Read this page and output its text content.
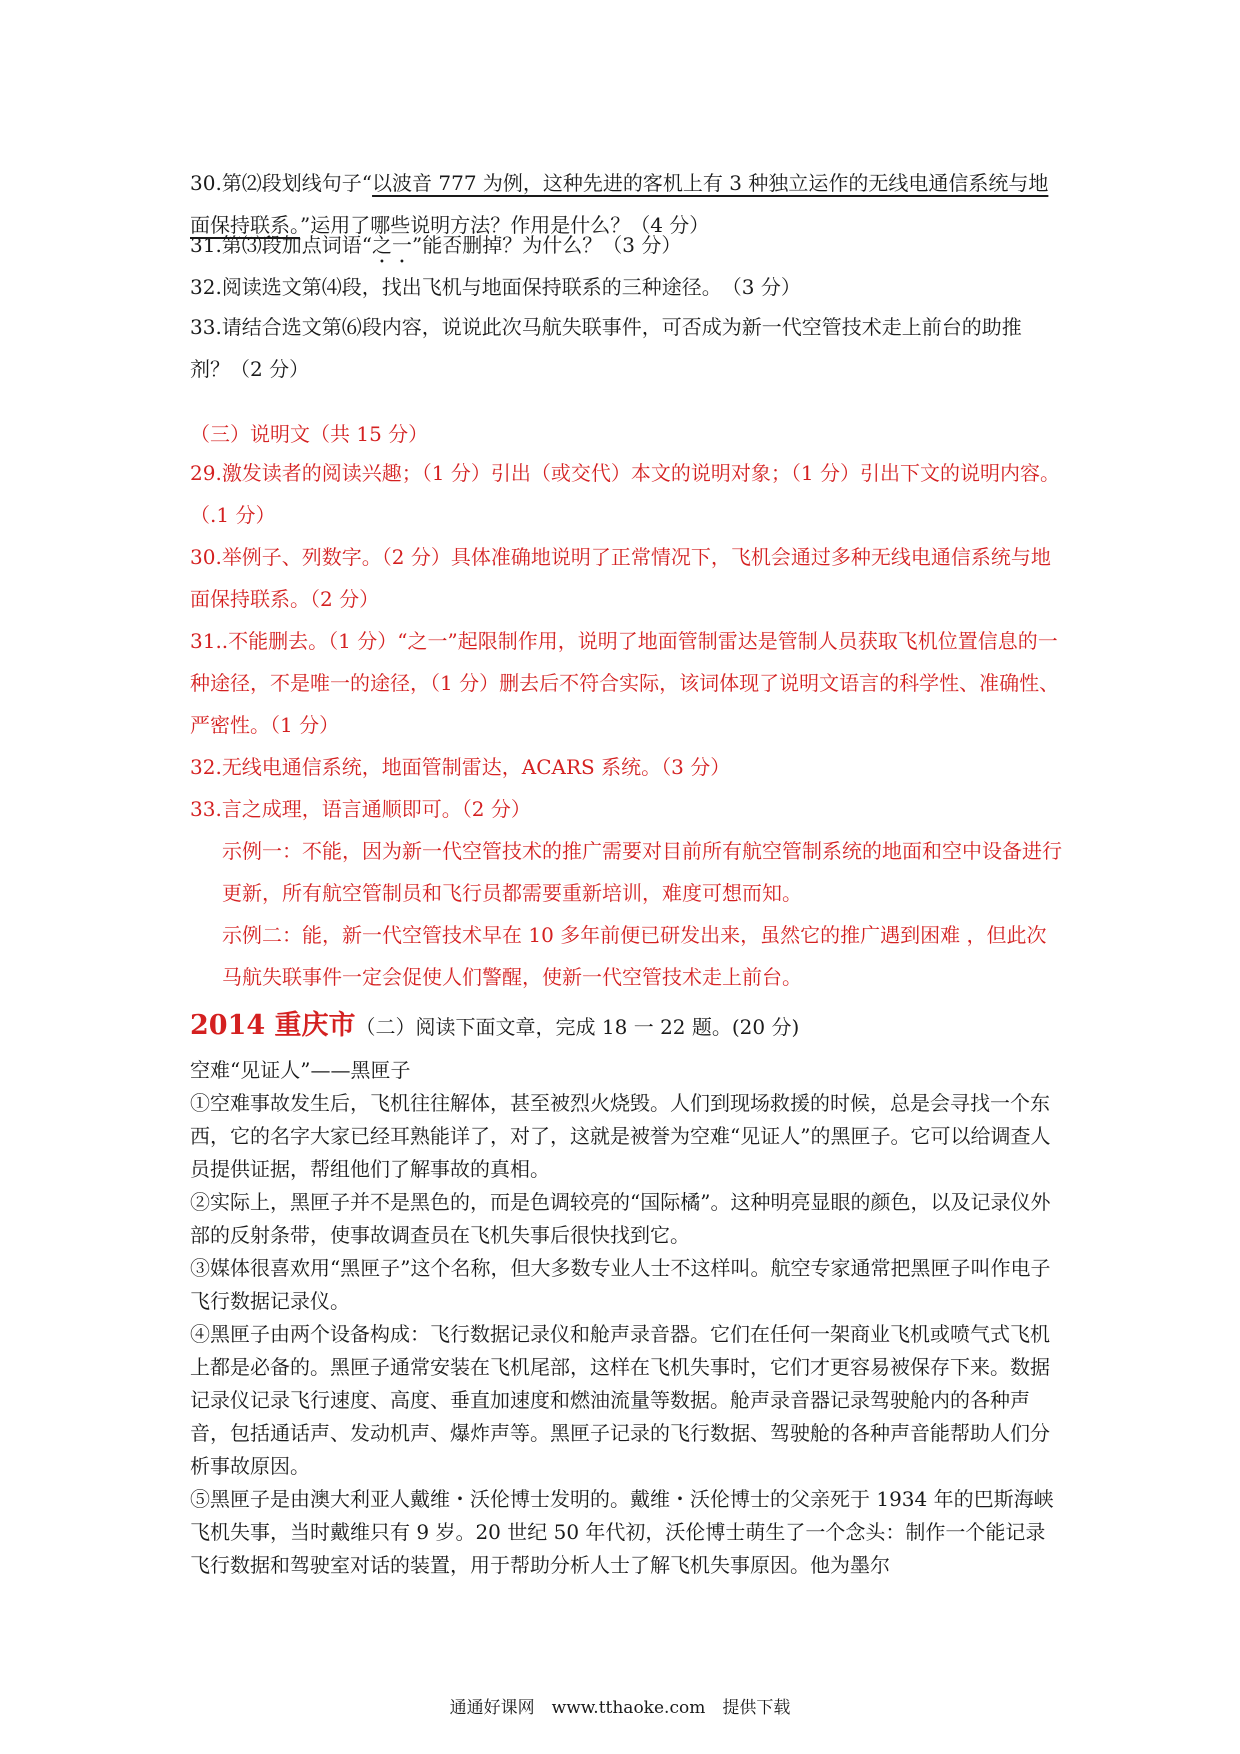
30.第⑵段划线句子“以波音 777 为例，这种先进的客机上有 3 种独立运作的无线电通信系统与地面保持联系。”运用了哪些说明方法？作用是什么？（4 分）
31.第⑶段加点词语“之一”能否删掉？为什么？（3 分）
32.阅读选文第⑷段，找出飞机与地面保持联系的三种途径。　（3 分）
33.请结合选文第⑹段内容，说说此次马航失联事件，可否成为新一代空管技术走上前台的助推剂？（2 分）
（三）说明文（共 15 分）
29.激发读者的阅读兴趣；（1 分）引出（或交代）本文的说明对象；（1 分）引出下文的说明内容。（.1 分）
30.举例子、列数字。（2 分）具体准确地说明了正常情况下，飞机会通过多种无线电通信系统与地面保持联系。（2 分）
31..不能删去。（1 分）“之一”起限制作用，说明了地面管制雷达是管制人员获取飞机位置信息的一种途径，不是唯一的途径，（1 分）删去后不符合实际，该词体现了说明文语言的科学性、准确性、严密性。（1 分）
32.无线电通信系统，地面管制雷达，ACARS 系统。（3 分）
33.言之成理，语言通顺即可。（2 分）
示例一：不能，因为新一代空管技术的推广需要对目前所有航空管制系统的地面和空中设备进行更新，所有航空管制员和飞行员都需要重新培训，难度可想而知。
示例二：能，新一代空管技术早在 10 多年前便已研发出来，虽然它的推广遇到困难 ，但此次马航失联事件一定会促使人们警醒，使新一代空管技术走上前台。
2014 重庆市（二）阅读下面文章，完成 18 一 22 题。(20 分)

空难“见证人”——黑匣子

①空难事故发生后，飞机往往解体，甚至被烈火烧毁。人们到现场救援的时候，总是会寻找一个东西，它的名字大家已经耳熟能详了，对了，这就是被誉为空难“见证人”的黑匣子。它可以给调查人员提供证据，帮组他们了解事故的真相。

②实际上，黑匣子并不是黑色的，而是色调较亮的“国际橘”。这种明亮显眼的颜色，以及记录仪外部的反射条带，使事故调查员在飞机失事后很快找到它。

③媒体很喜欢用“黑匣子”这个名称，但大多数专业人士不这样叫。航空专家通常把黑匣子叫作电子飞行数据记录仪。

④黑匣子由两个设备构成：飞行数据记录仪和舱声录音器。它们在任何一架商业飞机或喷气式飞机上都是必备的。黑匣子通常安装在飞机尾部，这样在飞机失事时，它们才更容易被保存下来。数据记录仪记录飞行速度、高度、垂直加速度和燃油流量等数据。舱声录音器记录驾驶舱内的各种声音，包括通话声、发动机声、爆炸声等。黑匣子记录的飞行数据、驾驶舱的各种声音能帮助人们分析事故原因。

⑤黑匣子是由澳大利亚人戴维・沃伦博士发明的。戴维・沃伦博士的父亲死于 1934 年的巴斯海峡飞机失事，当时戴维只有 9 岁。20 世纪 50 年代初，沃伦博士萌生了一个念头：制作一个能记录飞行数据和驾驶室对话的装置，用于帮助分析人士了解飞机失事原因。他为墨尔

通通好课网　www.tthaoke.com　提供下载
